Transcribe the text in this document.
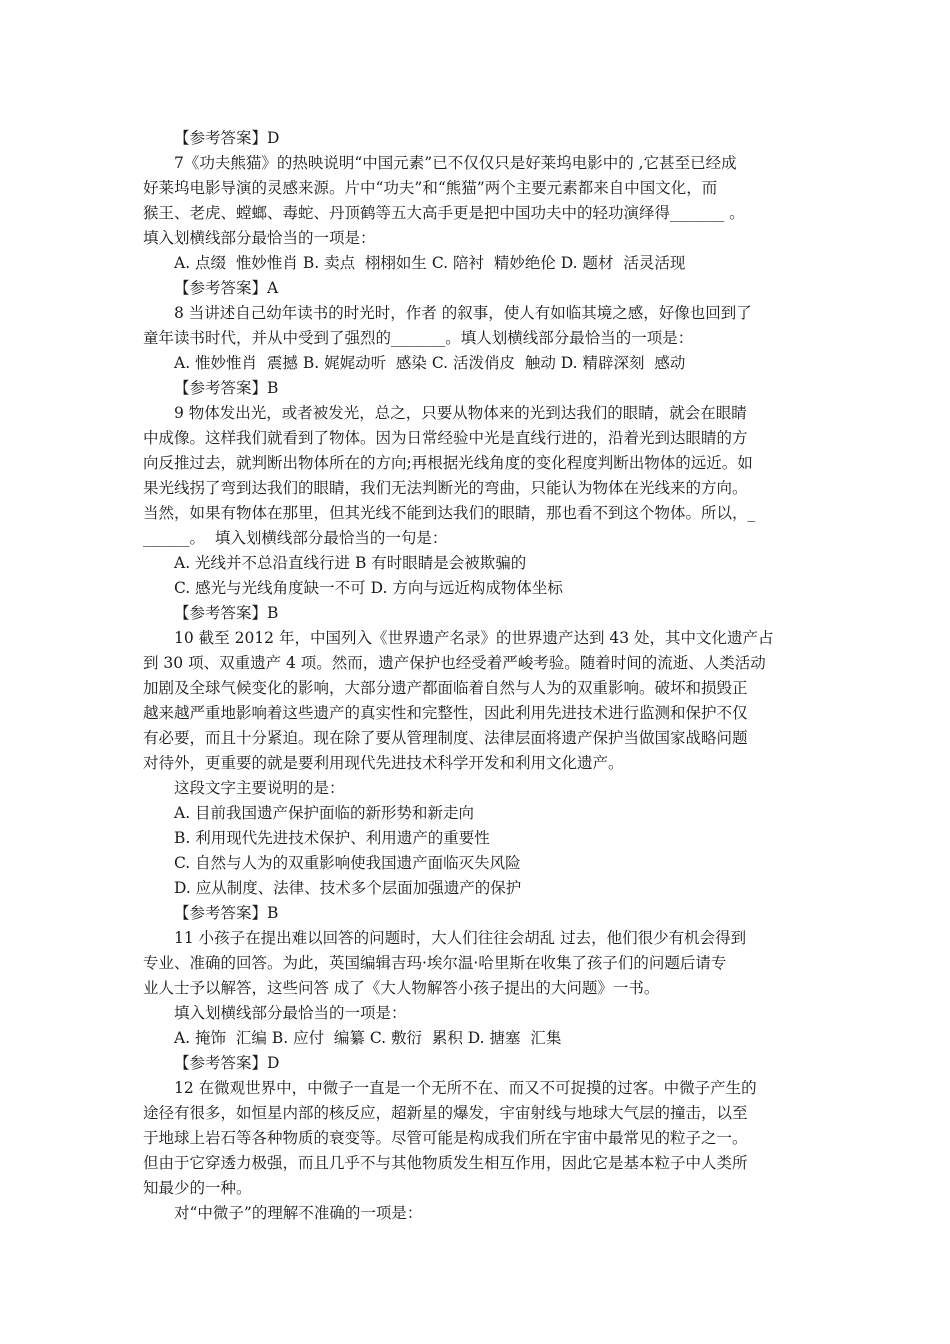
【参考答案】D
7《功夫熊猫》的热映说明“中国元素”已不仅仅只是好莱坞电影中的 ,它甚至已经成
好莱坞电影导演的灵感来源。片中“功夫”和“熊猫”两个主要元素都来自中国文化，而
猴王、老虎、螳螂、毒蛇、丹顶鹤等五大高手更是把中国功夫中的轻功演绎得_______ 。
填入划横线部分最恰当的一项是：
A. 点缀  惟妙惟肖 B. 卖点  栩栩如生 C. 陪衬  精妙绝伦 D. 题材  活灵活现
【参考答案】A
8 当讲述自己幼年读书的时光时，作者 的叙事，使人有如临其境之感，好像也回到了
童年读书时代，并从中受到了强烈的_______。填人划横线部分最恰当的一项是：
A. 惟妙惟肖  震撼 B. 娓娓动听  感染 C. 活泼俏皮  触动 D. 精辟深刻  感动
【参考答案】B
9 物体发出光，或者被发光，总之，只要从物体来的光到达我们的眼睛，就会在眼睛
中成像。这样我们就看到了物体。因为日常经验中光是直线行进的，沿着光到达眼睛的方
向反推过去，就判断出物体所在的方向;再根据光线角度的变化程度判断出物体的远近。如
果光线拐了弯到达我们的眼睛，我们无法判断光的弯曲，只能认为物体在光线来的方向。
当然，如果有物体在那里，但其光线不能到达我们的眼睛，那也看不到这个物体。所以，_
______。  填入划横线部分最恰当的一句是：
A. 光线并不总沿直线行进 B 有时眼睛是会被欺骗的
C. 感光与光线角度缺一不可 D. 方向与远近构成物体坐标
【参考答案】B
10 截至 2012 年，中国列入《世界遗产名录》的世界遗产达到 43 处，其中文化遗产占
到 30 项、双重遗产 4 项。然而，遗产保护也经受着严峻考验。随着时间的流逝、人类活动
加剧及全球气候变化的影响，大部分遗产都面临着自然与人为的双重影响。破坏和损毁正
越来越严重地影响着这些遗产的真实性和完整性，因此利用先进技术进行监测和保护不仅
有必要，而且十分紧迫。现在除了要从管理制度、法律层面将遗产保护当做国家战略问题
对待外，更重要的就是要利用现代先进技术科学开发和利用文化遗产。
这段文字主要说明的是：
A. 目前我国遗产保护面临的新形势和新走向
B. 利用现代先进技术保护、利用遗产的重要性
C. 自然与人为的双重影响使我国遗产面临灭失风险
D. 应从制度、法律、技术多个层面加强遗产的保护
【参考答案】B
11 小孩子在提出难以回答的问题时，大人们往往会胡乱 过去，他们很少有机会得到
专业、准确的回答。为此，英国编辑吉玛·埃尔温·哈里斯在收集了孩子们的问题后请专
业人士予以解答，这些问答 成了《大人物解答小孩子提出的大问题》一书。
填入划横线部分最恰当的一项是：
A. 掩饰  汇编 B. 应付  编纂 C. 敷衍  累积 D. 搪塞  汇集
【参考答案】D
12 在微观世界中，中微子一直是一个无所不在、而又不可捉摸的过客。中微子产生的
途径有很多，如恒星内部的核反应，超新星的爆发，宇宙射线与地球大气层的撞击，以至
于地球上岩石等各种物质的衰变等。尽管可能是构成我们所在宇宙中最常见的粒子之一。
但由于它穿透力极强，而且几乎不与其他物质发生相互作用，因此它是基本粒子中人类所
知最少的一种。
对“中微子”的理解不准确的一项是：
